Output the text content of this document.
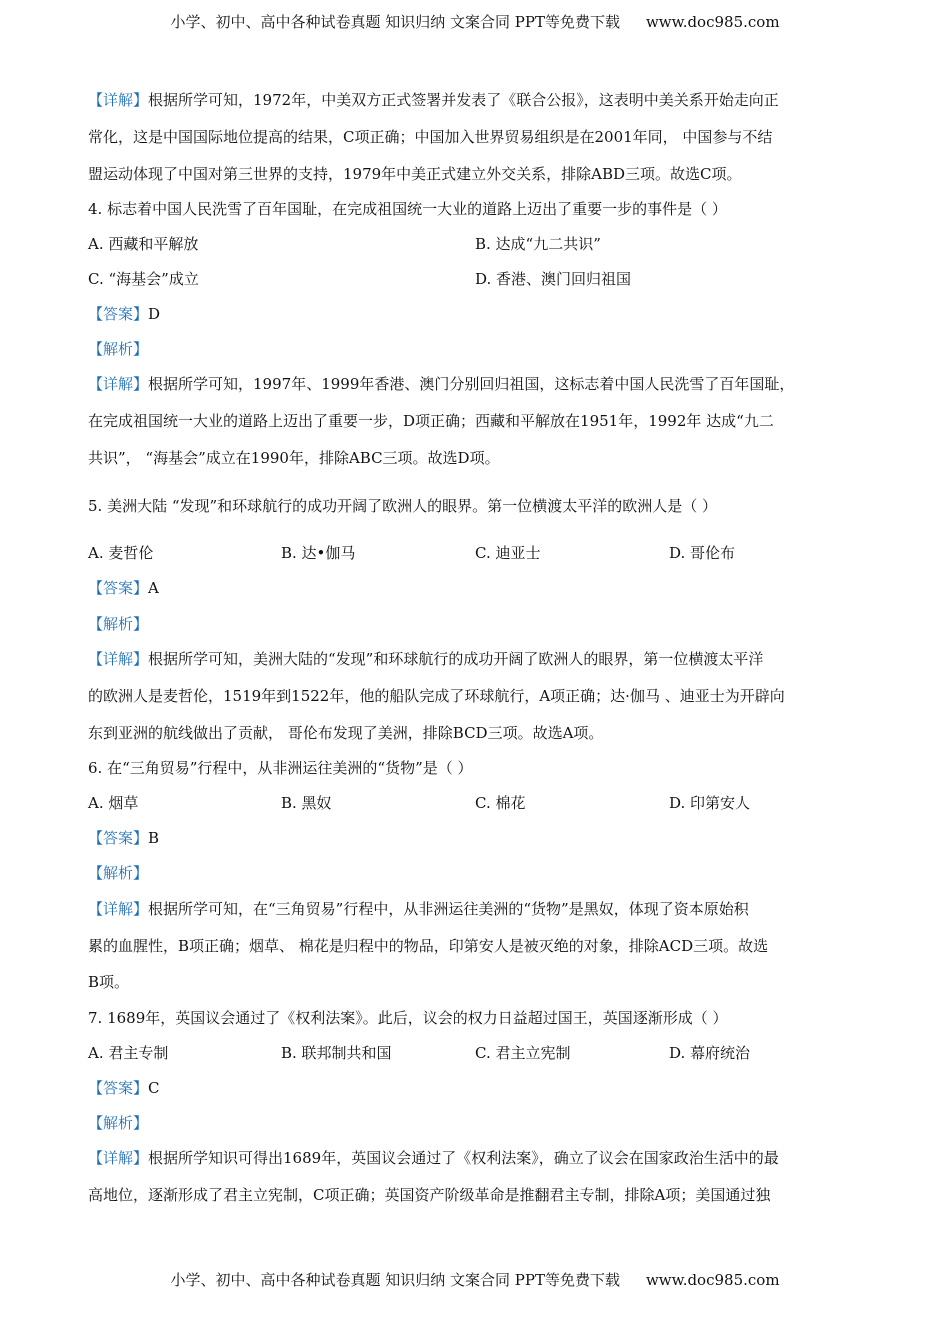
小学、初中、高中各种试卷真题 知识归纳 文案合同 PPT等免费下载 www.doc985.com
【详解】根据所学可知，1972年，中美双方正式签署并发表了《联合公报》，这表明中美关系开始走向正
常化，这是中国国际地位提高的结果，C项正确；中国加入世界贸易组织是在2001年同， 中国参与不结
盟运动体现了中国对第三世界的支持，1979年中美正式建立外交关系，排除ABD三项。故选C项。
4. 标志着中国人民洗雪了百年国耻，在完成祖国统一大业的道路上迈出了重要一步的事件是（ ）
A. 西藏和平解放	B. 达成“九二共识”
C. “海基会”成立	D. 香港、澳门回归祖国
【答案】D
【解析】
【详解】根据所学可知，1997年、1999年香港、澳门分别回归祖国，这标志着中国人民洗雪了百年国耻，
在完成祖国统一大业的道路上迈出了重要一步，D项正确；西藏和平解放在1951年，1992年 达成“九二
共识”， “海基会”成立在1990年，排除ABC三项。故选D项。
5. 美洲大陆 “发现”和环球航行的成功开阔了欧洲人的眼界。第一位横渡太平洋的欧洲人是（ ）
A. 麦哲伦	B. 达•伽马	C. 迪亚士	D. 哥伦布
【答案】A
【解析】
【详解】根据所学可知，美洲大陆的“发现”和环球航行的成功开阔了欧洲人的眼界，第一位横渡太平洋
的欧洲人是麦哲伦，1519年到1522年，他的船队完成了环球航行，A项正确；达·伽马 、迪亚士为开辟向
东到亚洲的航线做出了贡献， 哥伦布发现了美洲，排除BCD三项。故选A项。
6. 在“三角贸易”行程中，从非洲运往美洲的“货物”是（ ）
A. 烟草	B. 黑奴	C. 棉花	D. 印第安人
【答案】B
【解析】
【详解】根据所学可知，在“三角贸易”行程中，从非洲运往美洲的“货物”是黑奴，体现了资本原始积
累的血腥性，B项正确；烟草、 棉花是归程中的物品，印第安人是被灭绝的对象，排除ACD三项。故选
B项。
7. 1689年，英国议会通过了《权利法案》。此后，议会的权力日益超过国王，英国逐渐形成（ ）
A. 君主专制	B. 联邦制共和国	C. 君主立宪制	D. 幕府统治
【答案】C
【解析】
【详解】根据所学知识可得出1689年，英国议会通过了《权利法案》，确立了议会在国家政治生活中的最
高地位，逐渐形成了君主立宪制，C项正确；英国资产阶级革命是推翻君主专制，排除A项；美国通过独
小学、初中、高中各种试卷真题 知识归纳 文案合同 PPT等免费下载 www.doc985.com
